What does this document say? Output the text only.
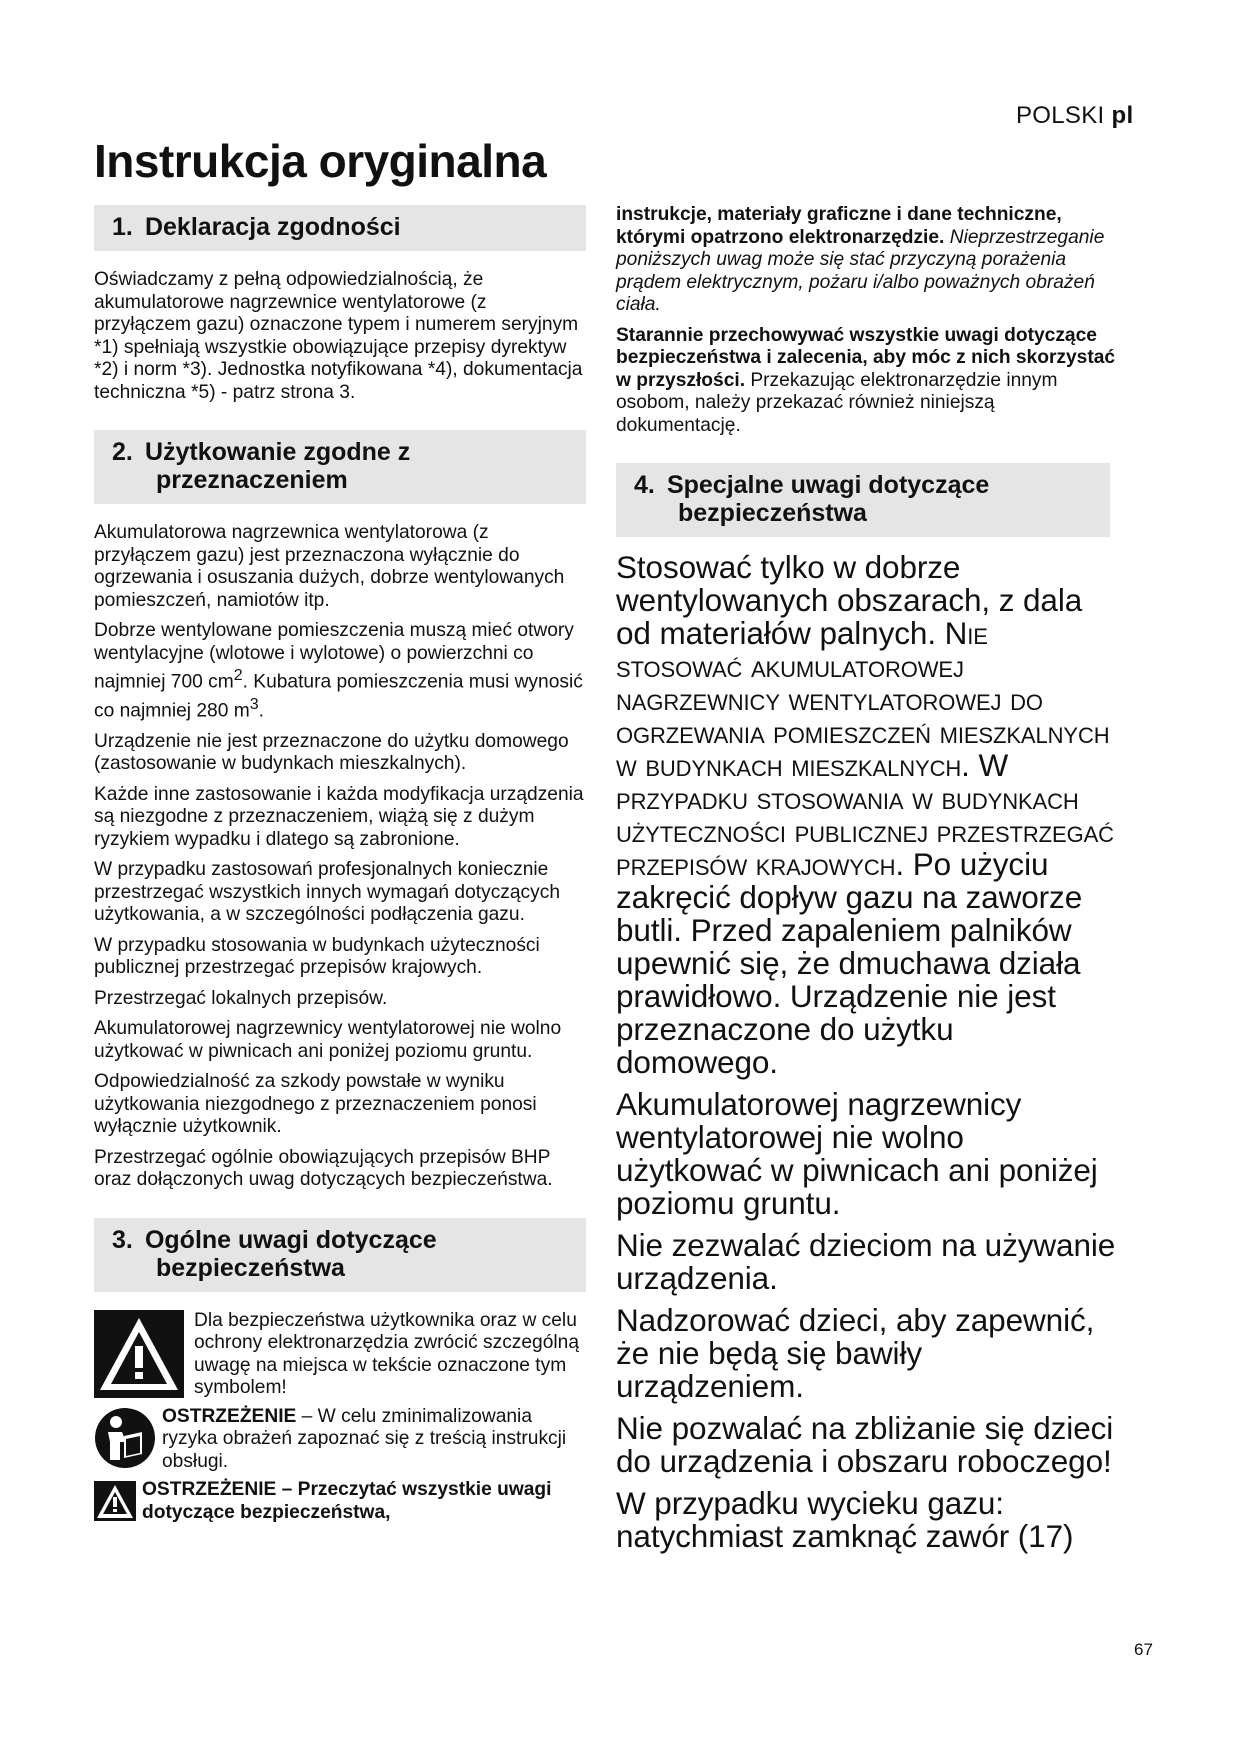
POLSKI pl
Instrukcja oryginalna
1. Deklaracja zgodności

Oświadczamy z pełną odpowiedzialnością, że akumulatorowe nagrzewnice wentylatorowe (z przyłączem gazu) oznaczone typem i numerem seryjnym *1) spełniają wszystkie obowiązujące przepisy dyrektyw *2) i norm *3). Jednostka notyfikowana *4), dokumentacja techniczna *5) - patrz strona 3.

2. Użytkowanie zgodne z
przeznaczeniem

Akumulatorowa nagrzewnica wentylatorowa (z przyłączem gazu) jest przeznaczona wyłącznie do ogrzewania i osuszania dużych, dobrze wentylowanych pomieszczeń, namiotów itp.

Dobrze wentylowane pomieszczenia muszą mieć otwory wentylacyjne (wlotowe i wylotowe) o powierzchni co najmniej 700 $cm^2$. Kubatura pomieszczenia musi wynosić co najmniej 280 $m^3$.

Urządzenie nie jest przeznaczone do użytku domowego (zastosowanie w budynkach mieszkalnych).

Każde inne zastosowanie i każda modyfikacja urządzenia są niezgodne z przeznaczeniem, wiążą się z dużym ryzykiem wypadku i dlatego są zabronione.

W przypadku zastosowań profesjonalnych koniecznie przestrzegać wszystkich innych wymagań dotyczących użytkowania, a w szczególności podłączenia gazu.

W przypadku stosowania w budynkach użyteczności publicznej przestrzegać przepisów krajowych.

Przestrzegać lokalnych przepisów.

Akumulatorowej nagrzewnicy wentylatorowej nie wolno użytkować w piwnicach ani poniżej poziomu gruntu.

Odpowiedzialność za szkody powstałe w wyniku użytkowania niezgodnego z przeznaczeniem ponosi wyłącznie użytkownik.

Przestrzegać ogólnie obowiązujących przepisów BHP oraz dołączonych uwag dotyczących bezpieczeństwa.

3. Ogólne uwagi dotyczące
bezpieczeństwa
Dla bezpieczeństwa użytkownika oraz w celu ochrony elektronarzędzia zwrócić szczególną uwagę na miejsca w tekście oznaczone tym symbolem!
OSTRZEŻENIE – W celu zminimalizowania ryzyka obrażeń zapoznać się z treścią instrukcji obsługi.
OSTRZEŻENIE – Przeczytać wszystkie uwagi dotyczące bezpieczeństwa,

instrukcje, materiały graficzne i dane techniczne, którymi opatrzono elektronarzędzie. Nieprzestrzeganie poniższych uwag może się stać przyczyną porażenia prądem elektrycznym, pożaru i/albo poważnych obrażeń ciała.

Starannie przechowywać wszystkie uwagi dotyczące bezpieczeństwa i zalecenia, aby móc z nich skorzystać w przyszłości. Przekazując elektronarzędzie innym osobom, należy przekazać również niniejszą dokumentację.

4. Specjalne uwagi dotyczące
bezpieczeństwa

Stosować tylko w dobrze wentylowanych obszarach, z dala od materiałów palnych. Nie stosować akumulatorowej nagrzewnicy wentylatorowej do ogrzewania pomieszczeń mieszkalnych w budynkach mieszkalnych. W przypadku stosowania w budynkach użyteczności publicznej przestrzegać przepisów krajowych. Po użyciu zakręcić dopływ gazu na zaworze butli. Przed zapaleniem palników upewnić się, że dmuchawa działa prawidłowo. Urządzenie nie jest przeznaczone do użytku domowego.

Akumulatorowej nagrzewnicy wentylatorowej nie wolno użytkować w piwnicach ani poniżej poziomu gruntu.

Nie zezwalać dzieciom na używanie urządzenia.

Nadzorować dzieci, aby zapewnić, że nie będą się bawiły urządzeniem.

Nie pozwalać na zbliżanie się dzieci do urządzenia i obszaru roboczego!

W przypadku wycieku gazu: natychmiast zamknąć zawór (17)

67
